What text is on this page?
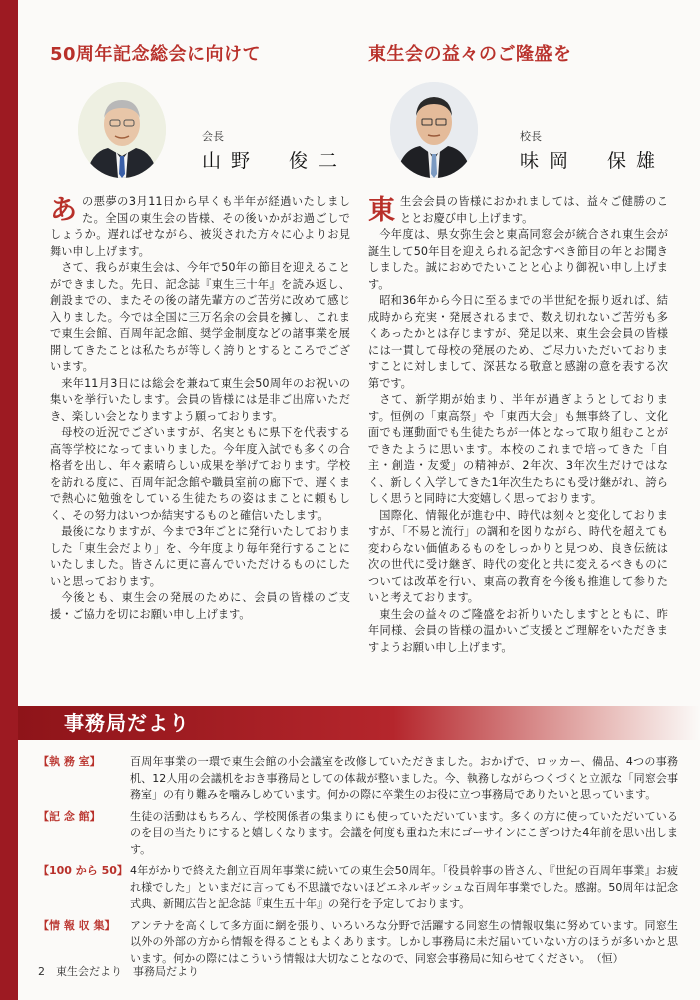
50周年記念総会に向けて
会長
山野　俊二

あの悪夢の3月11日から早くも半年が経過いたしました。全国の東生会の皆様、その後いかがお過ごしでしょうか。遅ればせながら、被災された方々に心よりお見舞い申し上げます。

さて、我らが東生会は、今年で50年の節目を迎えることができました。先日、記念誌『東生三十年』を読み返し、創設までの、またその後の諸先輩方のご苦労に改めて感じ入りました。今では全国に三万名余の会員を擁し、これまで東生会館、百周年記念館、奨学金制度などの諸事業を展開してきたことは私たちが等しく誇りとするところでございます。

来年11月3日には総会を兼ねて東生会50周年のお祝いの集いを挙行いたします。会員の皆様には是非ご出席いただき、楽しい会となりますよう願っております。

母校の近況でございますが、名実ともに県下を代表する高等学校になってまいりました。今年度入試でも多くの合格者を出し、年々素晴らしい成果を挙げております。学校を訪れる度に、百周年記念館や職員室前の廊下で、遅くまで熱心に勉強をしている生徒たちの姿はまことに頼もしく、その努力はいつか結実するものと確信いたします。

最後になりますが、今まで3年ごとに発行いたしておりました「東生会だより」を、今年度より毎年発行することにいたしました。皆さんに更に喜んでいただけるものにしたいと思っております。

今後とも、東生会の発展のために、会員の皆様のご支援・ご協力を切にお願い申し上げます。

東生会の益々のご隆盛を
校長
味岡　保雄

東生会会員の皆様におかれましては、益々ご健勝のこととお慶び申し上げます。

今年度は、県女弥生会と東高同窓会が統合され東生会が誕生して50年目を迎えられる記念すべき節目の年とお聞きしました。誠におめでたいことと心より御祝い申し上げます。

昭和36年から今日に至るまでの半世紀を振り返れば、結成時から充実・発展されるまで、数え切れないご苦労も多くあったかとは存じますが、発足以来、東生会会員の皆様には一貫して母校の発展のため、ご尽力いただいておりますことに対しまして、深甚なる敬意と感謝の意を表する次第です。

さて、新学期が始まり、半年が過ぎようとしております。恒例の「東高祭」や「東西大会」も無事終了し、文化面でも運動面でも生徒たちが一体となって取り組むことができたように思います。本校のこれまで培ってきた「自主・創造・友愛」の精神が、2年次、3年次生だけではなく、新しく入学してきた1年次生たちにも受け継がれ、誇らしく思うと同時に大変嬉しく思っております。

国際化、情報化が進む中、時代は刻々と変化しておりますが、「不易と流行」の調和を図りながら、時代を超えても変わらない価値あるものをしっかりと見つめ、良き伝統は次の世代に受け継ぎ、時代の変化と共に変えるべきものについては改革を行い、東高の教育を今後も推進して参りたいと考えております。

東生会の益々のご隆盛をお祈りいたしますとともに、昨年同様、会員の皆様の温かいご支援とご理解をいただきますようお願い申し上げます。

事務局だより
【執 務 室】	百周年事業の一環で東生会館の小会議室を改修していただきました。おかげで、ロッカー、備品、4つの事務机、12人用の会議机をおき事務局としての体裁が整いました。今、執務しながらつくづくと立派な「同窓会事務室」の有り難みを噛みしめています。何かの際に卒業生のお役に立つ事務局でありたいと思っています。
【記 念 館】	生徒の活動はもちろん、学校関係者の集まりにも使っていただいています。多くの方に使っていただいているのを目の当たりにすると嬉しくなります。会議を何度も重ねた末にゴーサインにこぎつけた4年前を思い出します。
【100 から 50】 4年がかりで終えた創立百周年事業に続いての東生会50周年。「役員幹事の皆さん、『世紀の百周年事業』お疲れ様でした」といまだに言っても不思議でないほどエネルギッシュな百周年事業でした。感謝。50周年は記念式典、新聞広告と記念誌『東生五十年』の発行を予定しております。
【情 報 収 集】	アンテナを高くして多方面に網を張り、いろいろな分野で活躍する同窓生の情報収集に努めています。同窓生以外の外部の方から情報を得ることもよくあります。しかし事務局に未だ届いていない方のほうが多いかと思います。何かの際にはこういう情報は大切なことなので、同窓会事務局に知らせてください。　（恒）
2　東生会だより　事務局だより
